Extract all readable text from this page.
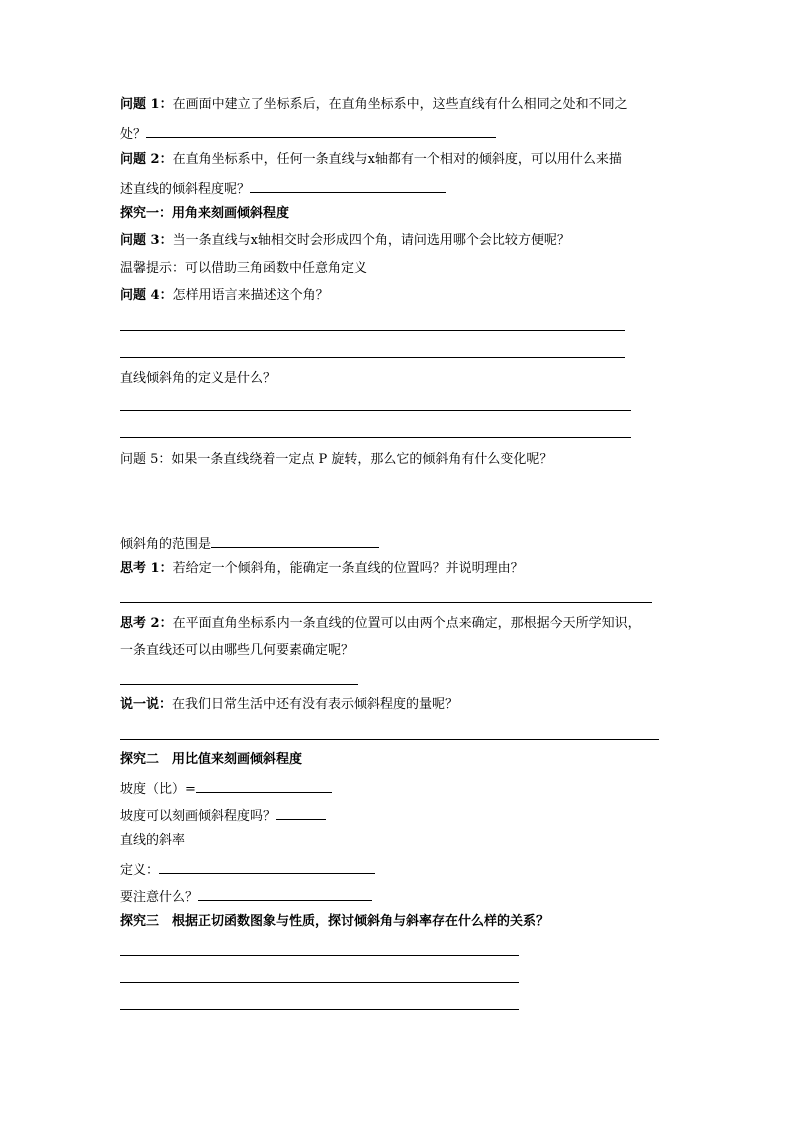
问题 1：在画面中建立了坐标系后，在直角坐标系中，这些直线有什么相同之处和不同之
处？
问题 2：在直角坐标系中，任何一条直线与x轴都有一个相对的倾斜度，可以用什么来描
述直线的倾斜程度呢？
探究一：用角来刻画倾斜程度
问题 3：当一条直线与x轴相交时会形成四个角，请问选用哪个会比较方便呢？
温馨提示：可以借助三角函数中任意角定义
问题 4：怎样用语言来描述这个角？
直线倾斜角的定义是什么？
问题 5：如果一条直线绕着一定点 P 旋转，那么它的倾斜角有什么变化呢？
倾斜角的范围是
思考 1：若给定一个倾斜角，能确定一条直线的位置吗？并说明理由？
思考 2：在平面直角坐标系内一条直线的位置可以由两个点来确定，那根据今天所学知识，
一条直线还可以由哪些几何要素确定呢？
说一说：在我们日常生活中还有没有表示倾斜程度的量呢？
探究二　用比值来刻画倾斜程度
坡度（比）=
坡度可以刻画倾斜程度吗？
直线的斜率
定义：
要注意什么？
探究三　根据正切函数图象与性质，探讨倾斜角与斜率存在什么样的关系？
